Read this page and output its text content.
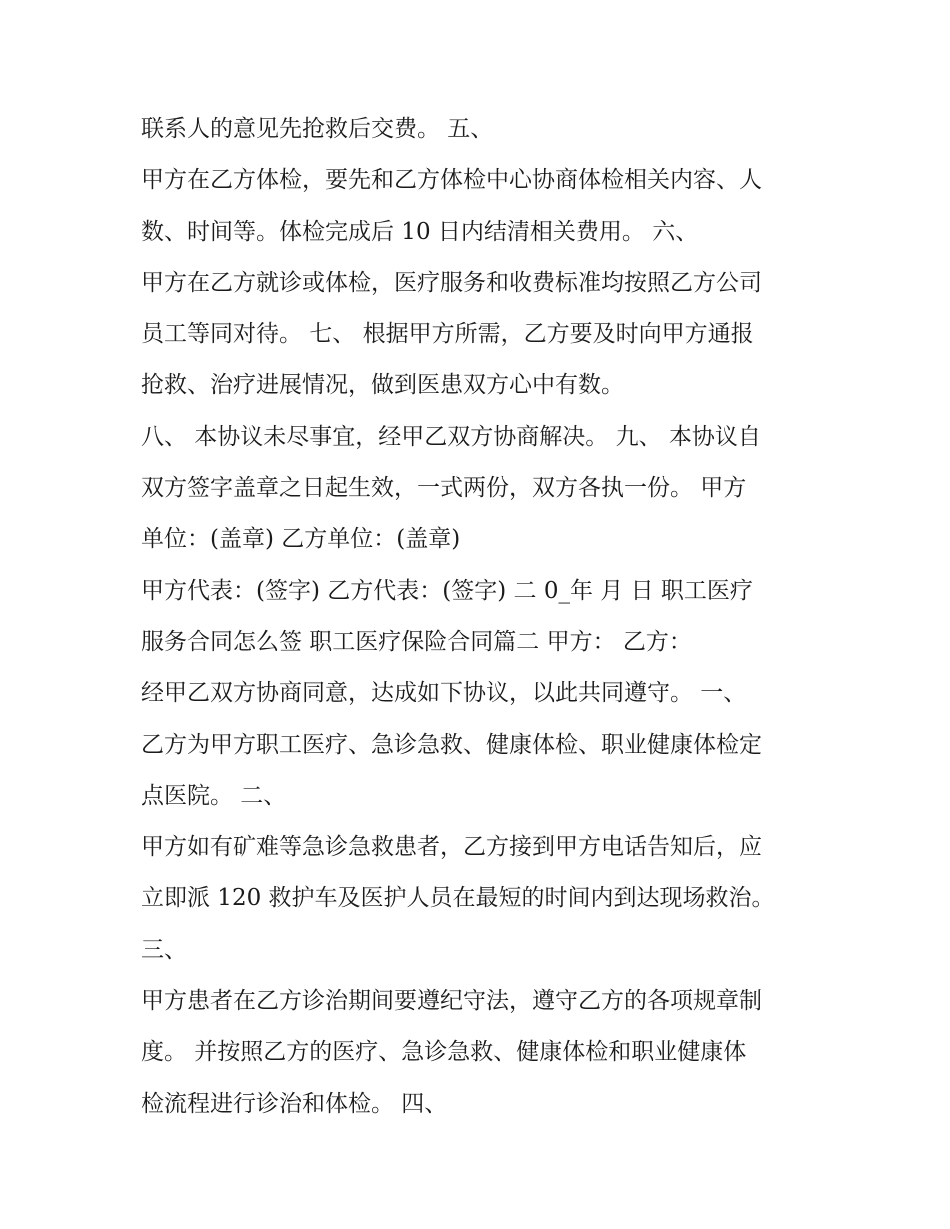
联系人的意见先抢救后交费。 五、
甲方在乙方体检，要先和乙方体检中心协商体检相关内容、人
数、时间等。体检完成后 10 日内结清相关费用。 六、
甲方在乙方就诊或体检，医疗服务和收费标准均按照乙方公司
员工等同对待。 七、 根据甲方所需，乙方要及时向甲方通报
抢救、治疗进展情况，做到医患双方心中有数。
八、 本协议未尽事宜，经甲乙双方协商解决。 九、 本协议自
双方签字盖章之日起生效，一式两份，双方各执一份。 甲方
单位：(盖章) 乙方单位：(盖章)
甲方代表：(签字) 乙方代表：(签字) 二 0_年 月 日 职工医疗
服务合同怎么签 职工医疗保险合同篇二 甲方： 乙方：
经甲乙双方协商同意，达成如下协议，以此共同遵守。 一、
乙方为甲方职工医疗、急诊急救、健康体检、职业健康体检定
点医院。 二、
甲方如有矿难等急诊急救患者，乙方接到甲方电话告知后，应
立即派 120 救护车及医护人员在最短的时间内到达现场救治。
三、
甲方患者在乙方诊治期间要遵纪守法，遵守乙方的各项规章制
度。 并按照乙方的医疗、急诊急救、健康体检和职业健康体
检流程进行诊治和体检。 四、
